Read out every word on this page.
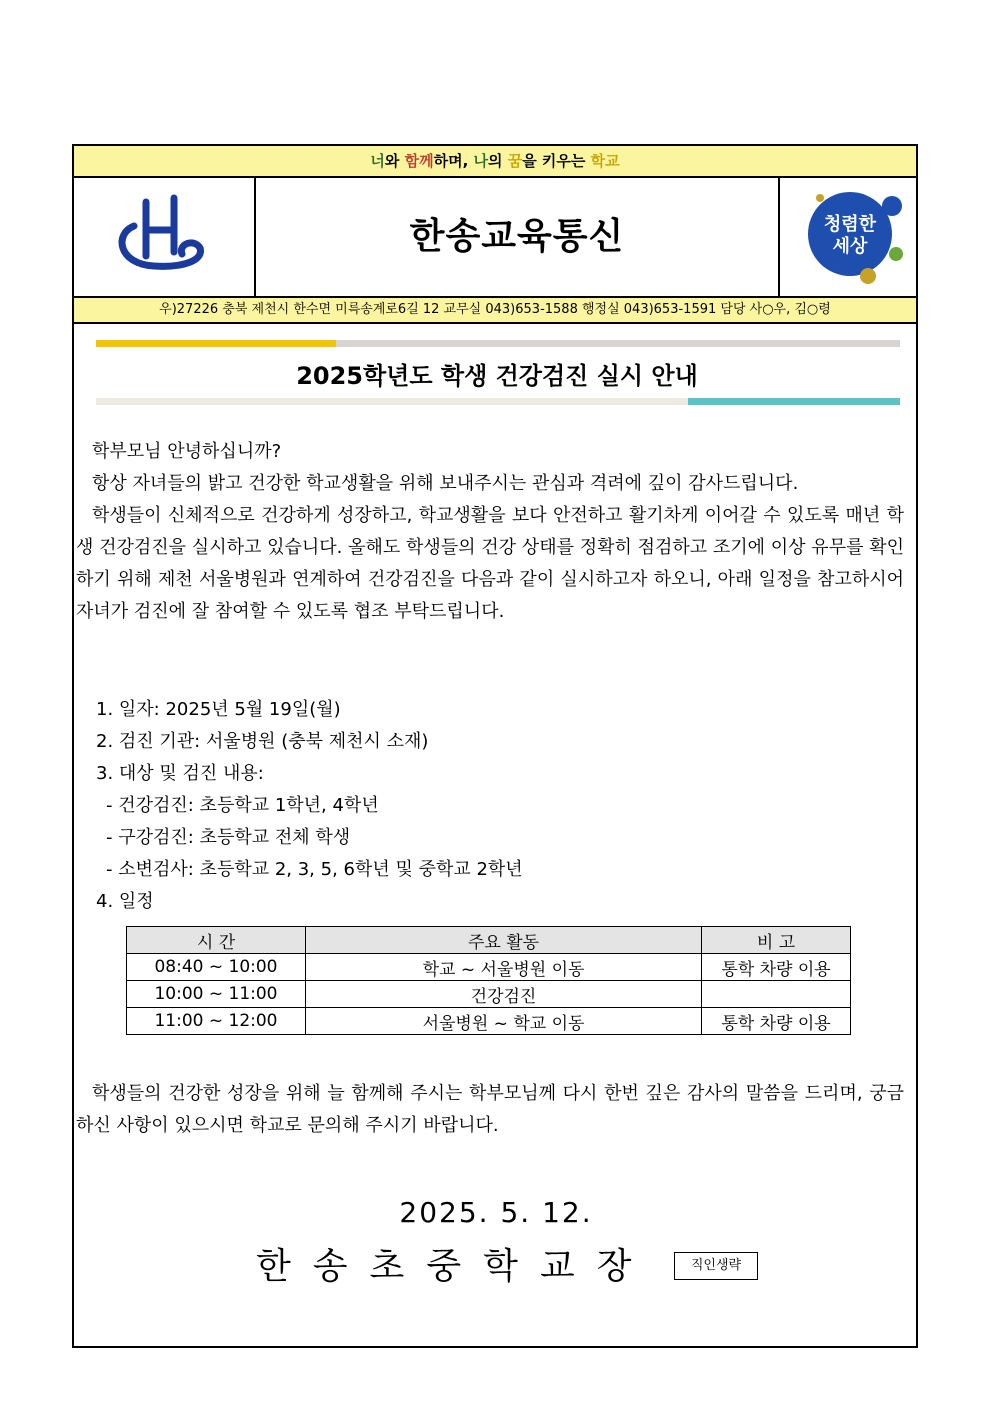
너와 함께하며, 나의 꿈을 키우는 학교
한송교육통신	청렴한
세상
우)27226 충북 제천시 한수면 미륵송계로6길 12 교무실 043)653-1588 행정실 043)653-1591 담당 사○우, 김○령
2025학년도 학생 건강검진 실시 안내

학부모님 안녕하십니까?

항상 자녀들의 밝고 건강한 학교생활을 위해 보내주시는 관심과 격려에 깊이 감사드립니다.

학생들이 신체적으로 건강하게 성장하고, 학교생활을 보다 안전하고 활기차게 이어갈 수 있도록 매년 학생 건강검진을 실시하고 있습니다. 올해도 학생들의 건강 상태를 정확히 점검하고 조기에 이상 유무를 확인하기 위해 제천 서울병원과 연계하여 건강검진을 다음과 같이 실시하고자 하오니, 아래 일정을 참고하시어 자녀가 검진에 잘 참여할 수 있도록 협조 부탁드립니다.

1. 일자: 2025년 5월 19일(월)
2. 검진 기관: 서울병원 (충북 제천시 소재)
3. 대상 및 검진 내용:
- 건강검진: 초등학교 1학년, 4학년
- 구강검진: 초등학교 전체 학생
- 소변검사: 초등학교 2, 3, 5, 6학년 및 중학교 2학년
4. 일정
시 간	주요 활동	비 고
08:40 ~ 10:00	학교 ~ 서울병원 이동	통학 차량 이용
10:00 ~ 11:00	건강검진	
11:00 ~ 12:00	서울병원 ~ 학교 이동	통학 차량 이용

학생들의 건강한 성장을 위해 늘 함께해 주시는 학부모님께 다시 한번 깊은 감사의 말씀을 드리며, 궁금하신 사항이 있으시면 학교로 문의해 주시기 바랍니다.

2025. 5. 12.
한송초중학교장	직인생략
